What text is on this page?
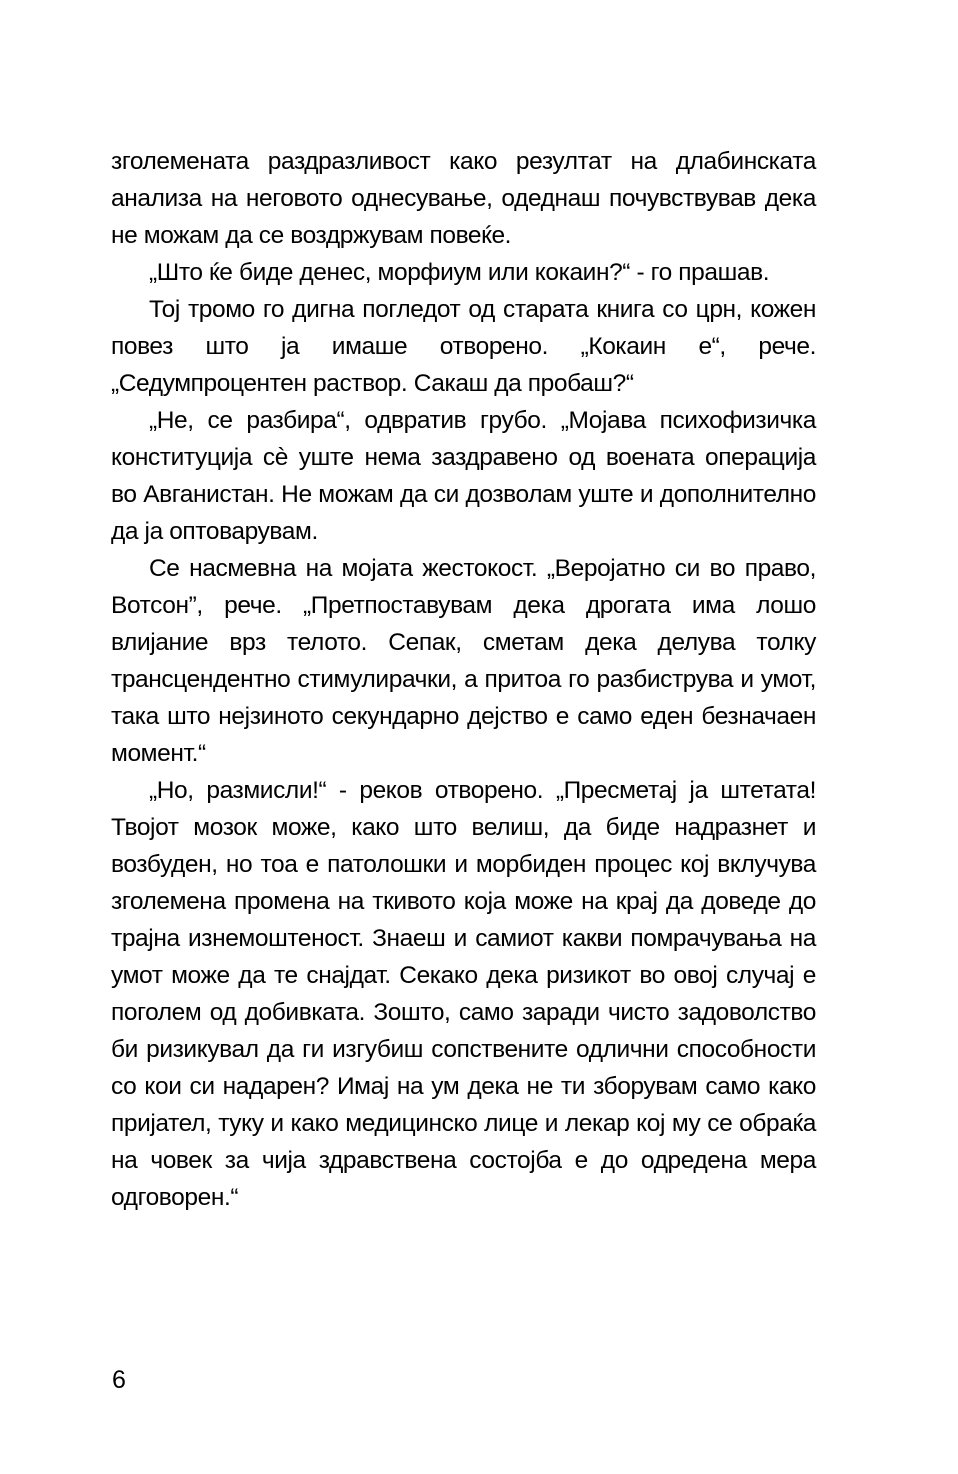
зголемената раздразливост како резултат на длабинската анализа на неговото однесување, одеднаш почувствував дека не можам да се воздржувам повеќе.

„Што ќе биде денес, морфиум или кокаин?“ - го прашав.

Тој тромо го дигна погледот од старата книга со црн, кожен повез што ја имаше отворено. „Кокаин е“, рече. „Седумпроцентен раствор. Сакаш да пробаш?“

„Не, се разбира“, одвратив грубо. „Мојава психофизичка конституција сè уште нема заздравено од воената операција во Авганистан. Не можам да си дозволам уште и дополнително да ја оптоварувам.

Се насмевна на мојата жестокост. „Веројатно си во право, Вотсон”, рече. „Претпоставувам дека дрогата има лошо влијание врз телото. Сепак, сметам дека делува толку трансцендентно стимулирачки, а притоа го разбиструва и умот, така што нејзиното секундарно дејство е само еден безначаен момент.“

„Но, размисли!“ - реков отворено. „Пресметај ја штетата! Твојот мозок може, како што велиш, да биде надразнет и возбуден, но тоа е патолошки и морбиден процес кој вклучува зголемена промена на ткивото која може на крај да доведе до трајна изнемоштеност. Знаеш и самиот какви помрачувања на умот може да те снајдат. Секако дека ризикот во овој случај е поголем од добивката. Зошто, само заради чисто задоволство би ризикувал да ги изгубиш сопствените одлични способности со кои си надарен? Имај на ум дека не ти зборувам само како пријател, туку и како медицинско лице и лекар кој му се обраќа на човек за чија здравствена состојба е до одредена мера одговорен.“

6
